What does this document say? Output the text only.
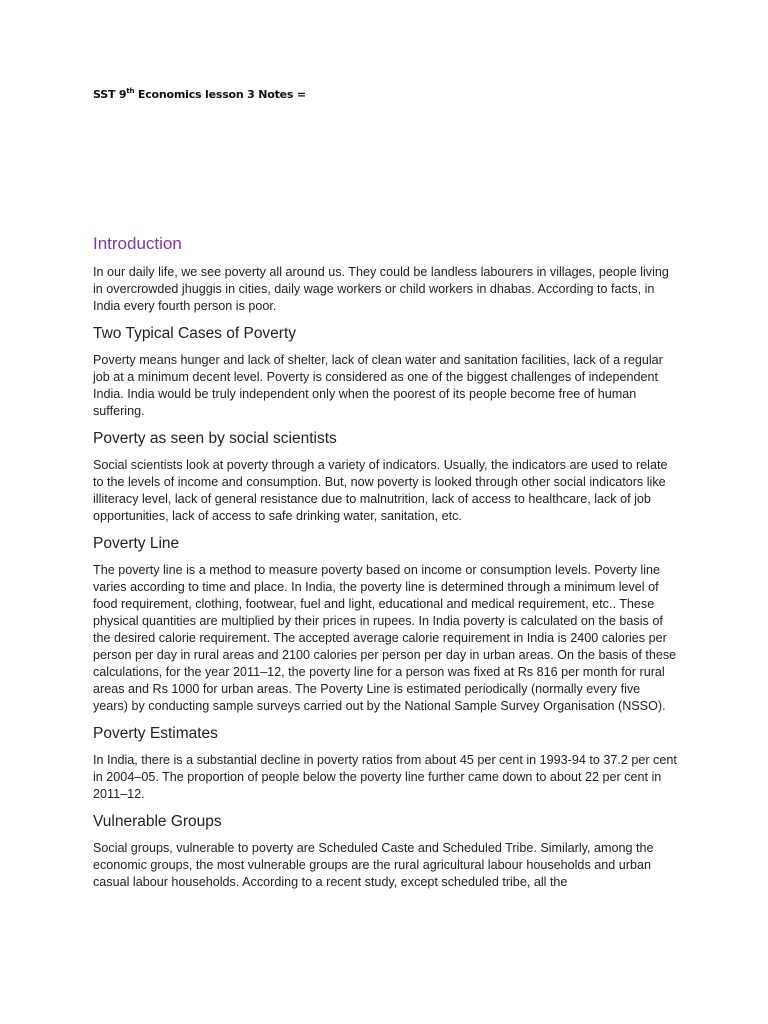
SST 9th Economics lesson 3 Notes =
Introduction

In our daily life, we see poverty all around us. They could be landless labourers in villages, people living in overcrowded jhuggis in cities, daily wage workers or child workers in dhabas. According to facts, in India every fourth person is poor.

Two Typical Cases of Poverty

Poverty means hunger and lack of shelter, lack of clean water and sanitation facilities, lack of a regular job at a minimum decent level. Poverty is considered as one of the biggest challenges of independent India. India would be truly independent only when the poorest of its people become free of human suffering.

Poverty as seen by social scientists

Social scientists look at poverty through a variety of indicators. Usually, the indicators are used to relate to the levels of income and consumption. But, now poverty is looked through other social indicators like illiteracy level, lack of general resistance due to malnutrition, lack of access to healthcare, lack of job opportunities, lack of access to safe drinking water, sanitation, etc.

Poverty Line

The poverty line is a method to measure poverty based on income or consumption levels. Poverty line varies according to time and place. In India, the poverty line is determined through a minimum level of food requirement, clothing, footwear, fuel and light, educational and medical requirement, etc.. These physical quantities are multiplied by their prices in rupees. In India poverty is calculated on the basis of the desired calorie requirement. The accepted average calorie requirement in India is 2400 calories per person per day in rural areas and 2100 calories per person per day in urban areas. On the basis of these calculations, for the year 2011–12, the poverty line for a person was fixed at Rs 816 per month for rural areas and Rs 1000 for urban areas. The Poverty Line is estimated periodically (normally every five years) by conducting sample surveys carried out by the National Sample Survey Organisation (NSSO).

Poverty Estimates

In India, there is a substantial decline in poverty ratios from about 45 per cent in 1993-94 to 37.2 per cent in 2004–05. The proportion of people below the poverty line further came down to about 22 per cent in 2011–12.

Vulnerable Groups

Social groups, vulnerable to poverty are Scheduled Caste and Scheduled Tribe. Similarly, among the economic groups, the most vulnerable groups are the rural agricultural labour households and urban casual labour households. According to a recent study, except scheduled tribe, all the
